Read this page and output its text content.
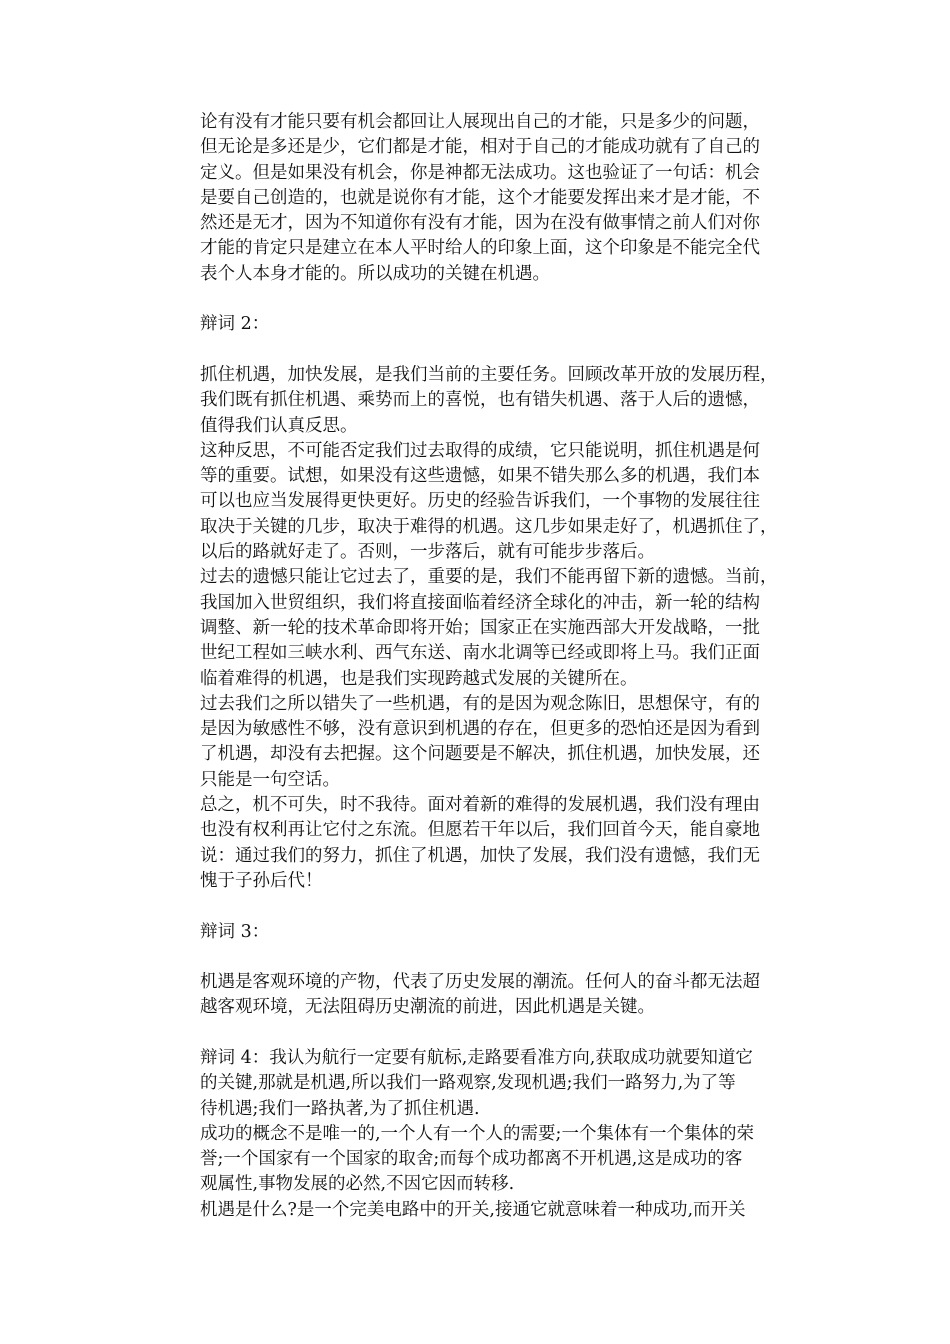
论有没有才能只要有机会都回让人展现出自己的才能，只是多少的问题，
但无论是多还是少，它们都是才能，相对于自己的才能成功就有了自己的
定义。但是如果没有机会，你是神都无法成功。这也验证了一句话：机会
是要自己创造的，也就是说你有才能，这个才能要发挥出来才是才能，不
然还是无才，因为不知道你有没有才能，因为在没有做事情之前人们对你
才能的肯定只是建立在本人平时给人的印象上面，这个印象是不能完全代
表个人本身才能的。所以成功的关键在机遇。
辩词 2：
抓住机遇，加快发展，是我们当前的主要任务。回顾改革开放的发展历程，
我们既有抓住机遇、乘势而上的喜悦，也有错失机遇、落于人后的遗憾，
值得我们认真反思。
这种反思，不可能否定我们过去取得的成绩，它只能说明，抓住机遇是何
等的重要。试想，如果没有这些遗憾，如果不错失那么多的机遇，我们本
可以也应当发展得更快更好。历史的经验告诉我们，一个事物的发展往往
取决于关键的几步，取决于难得的机遇。这几步如果走好了，机遇抓住了，
以后的路就好走了。否则，一步落后，就有可能步步落后。
过去的遗憾只能让它过去了，重要的是，我们不能再留下新的遗憾。当前，
我国加入世贸组织，我们将直接面临着经济全球化的冲击，新一轮的结构
调整、新一轮的技术革命即将开始；国家正在实施西部大开发战略，一批
世纪工程如三峡水利、西气东送、南水北调等已经或即将上马。我们正面
临着难得的机遇，也是我们实现跨越式发展的关键所在。
过去我们之所以错失了一些机遇，有的是因为观念陈旧，思想保守，有的
是因为敏感性不够，没有意识到机遇的存在，但更多的恐怕还是因为看到
了机遇，却没有去把握。这个问题要是不解决，抓住机遇，加快发展，还
只能是一句空话。
总之，机不可失，时不我待。面对着新的难得的发展机遇，我们没有理由
也没有权利再让它付之东流。但愿若干年以后，我们回首今天，能自豪地
说：通过我们的努力，抓住了机遇，加快了发展，我们没有遗憾，我们无
愧于子孙后代！
辩词 3：
机遇是客观环境的产物，代表了历史发展的潮流。任何人的奋斗都无法超
越客观环境，无法阻碍历史潮流的前进，因此机遇是关键。
辩词 4：我认为航行一定要有航标,走路要看准方向,获取成功就要知道它
的关键,那就是机遇,所以我们一路观察,发现机遇;我们一路努力,为了等
待机遇;我们一路执著,为了抓住机遇.
成功的概念不是唯一的,一个人有一个人的需要;一个集体有一个集体的荣
誉;一个国家有一个国家的取舍;而每个成功都离不开机遇,这是成功的客
观属性,事物发展的必然,不因它因而转移.
机遇是什么?是一个完美电路中的开关,接通它就意味着一种成功,而开关
